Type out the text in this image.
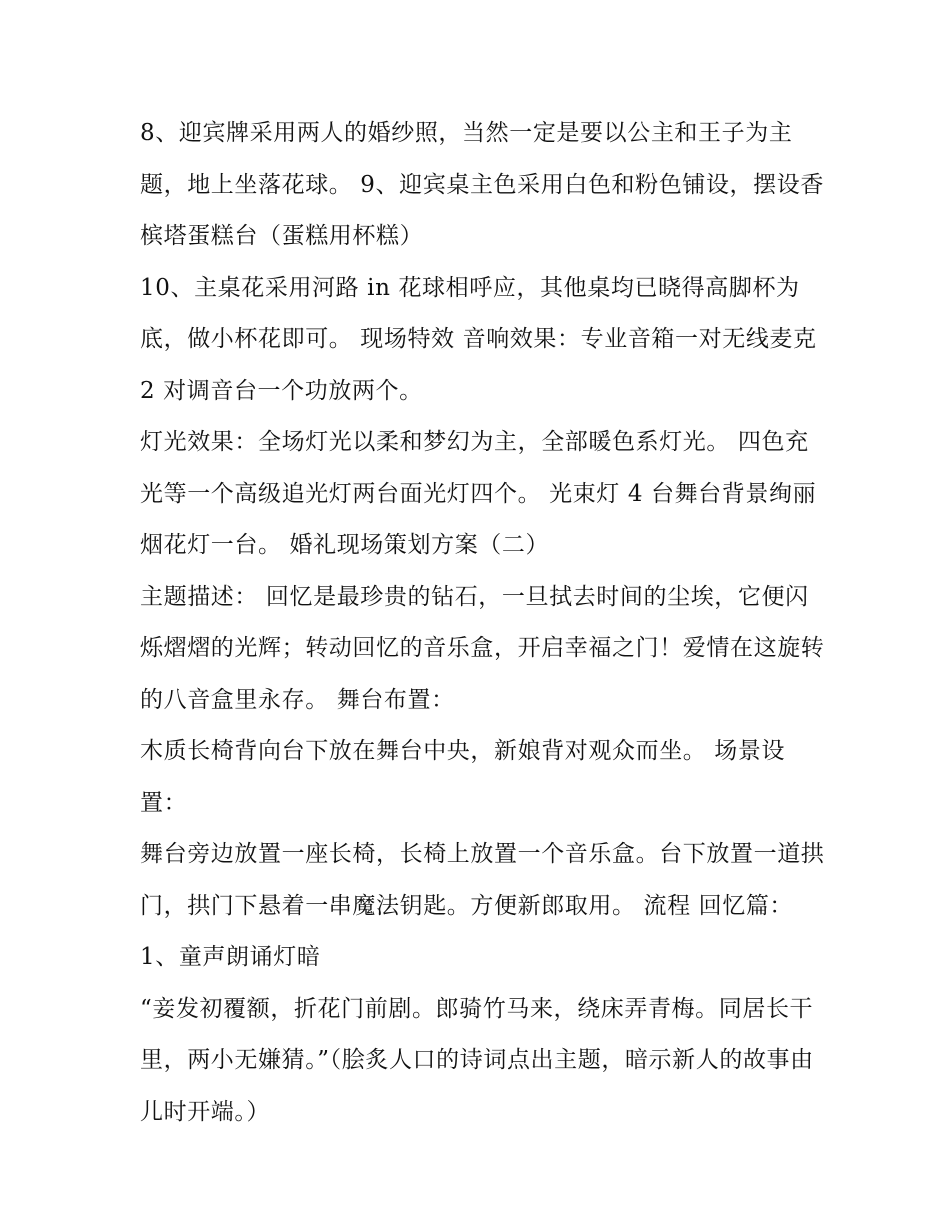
8、迎宾牌采用两人的婚纱照，当然一定是要以公主和王子为主题，地上坐落花球。 9、迎宾桌主色采用白色和粉色铺设，摆设香槟塔蛋糕台（蛋糕用杯糕）

10、主桌花采用河路 in 花球相呼应，其他桌均已晓得高脚杯为底，做小杯花即可。 现场特效 音响效果：专业音箱一对无线麦克 2 对调音台一个功放两个。

灯光效果：全场灯光以柔和梦幻为主，全部暖色系灯光。 四色充光等一个高级追光灯两台面光灯四个。 光束灯 4 台舞台背景绚丽烟花灯一台。 婚礼现场策划方案（二）

主题描述： 回忆是最珍贵的钻石，一旦拭去时间的尘埃，它便闪烁熠熠的光辉；转动回忆的音乐盒，开启幸福之门！爱情在这旋转的八音盒里永存。 舞台布置：

木质长椅背向台下放在舞台中央，新娘背对观众而坐。 场景设置：

舞台旁边放置一座长椅，长椅上放置一个音乐盒。台下放置一道拱门，拱门下悬着一串魔法钥匙。方便新郎取用。 流程 回忆篇： 1、童声朗诵灯暗

“妾发初覆额，折花门前剧。郎骑竹马来，绕床弄青梅。同居长干里，两小无嫌猜。”（脍炙人口的诗词点出主题，暗示新人的故事由儿时开端。）
